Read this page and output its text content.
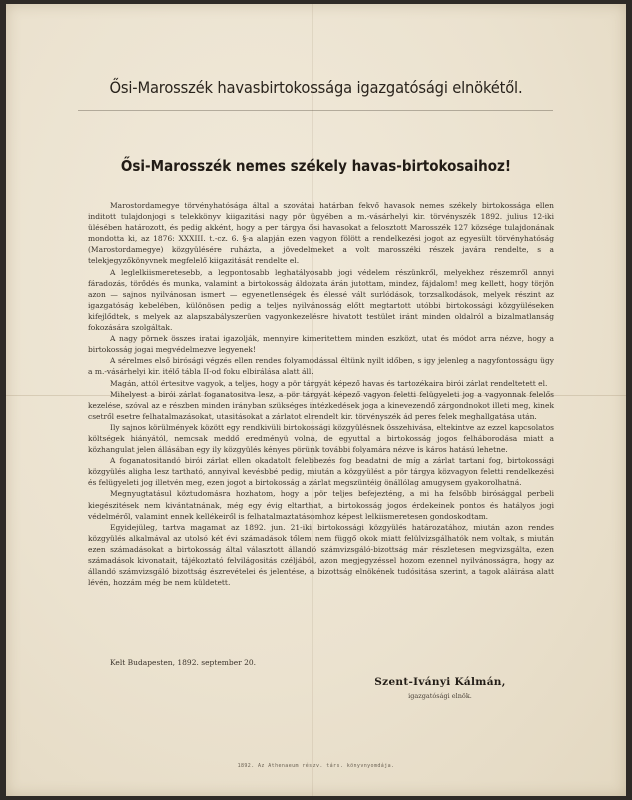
Ősi-Marosszék havasbirtokossága igazgatósági elnökétől.
Ősi-Marosszék nemes székely havas-birtokosaihoz!

Marostordamegye törvényhatósága által a szovátai határban fekvő havasok nemes székely birtokossága ellen inditott tulajdonjogi s telekkönyv kiigazitási nagy pör ügyében a m.-vásárhelyi kir. törvényszék 1892. julius 12-iki ülésében határozott, és pedig akként, hogy a per tárgya ősi havasokat a felosztott Marosszék 127 községe tulajdonának mondotta ki, az 1876: XXXIII. t.-cz. 6. §-a alapján ezen vagyon fölött a rendelkezési jogot az egyesült törvényhatóság (Marostordamegye) közgyülésére ruházta, a jövedelmeket a volt marosszéki részek javára rendelte, s a telekjegyzőkönyvnek megfelelő kiigazitását rendelte el.

A leglelkiismeretesebb, a legpontosabb leghatályosabb jogi védelem részünkről, melyekhez részemről annyi fáradozás, törődés és munka, valamint a birtokosság áldozata árán jutottam, mindez, fájdalom! meg kellett, hogy törjön azon — sajnos nyilvánosan ismert — egyenetlenségek és élessé vált surlódások, torzsalkodások, melyek részint az igazgatóság kebelében, különösen pedig a teljes nyilvánosság előtt megtartott utóbbi birtokossági közgyüléseken kifejlődtek, s melyek az alapszabályszerüen vagyonkezelésre hivatott testület iránt minden oldalról a bizalmatlanság fokozására szolgáltak.

A nagy pörnek összes iratai igazolják, mennyire kimeritettem minden eszközt, utat és módot arra nézve, hogy a birtokosság jogai megvédelmezve legyenek!

A sérelmes első birósági végzés ellen rendes folyamodással éltünk nyilt időben, s igy jelenleg a nagyfontosságu ügy a m.-vásárhelyi kir. itélő tábla II-od foku elbirálása alatt áll.

Magán, attól értesitve vagyok, a teljes, hogy a pör tárgyát képező havas és tartozékaira birói zárlat rendeltetett el.

Mihelyest a birói zárlat foganatositva lesz, a pör tárgyát képező vagyon feletti felügyeleti jog a vagyonnak felelős kezelése, szóval az e részben minden irányban szükséges intézkedések joga a kinevezendő zárgondnokot illeti meg, kinek csetről esetre felhatalmazásokat, utasitásokat a zárlatot elrendelt kir. törvényszék ád peres felek meghallgatása után.

Ily sajnos körülmények között egy rendkivüli birtokossági közgyülésnek összehivása, eltekintve az ezzel kapcsolatos költségek hiányától, nemcsak meddő eredményü volna, de egyuttal a birtokosság jogos felháborodása miatt a közhangulat jelen állásában egy ily közgyülés kényes pörünk további folyamára nézve is káros hatású lehetne.

A foganatositandó birói zárlat ellen okadatolt felebbezés fog beadatni de míg a zárlat tartani fog, birtokossági közgyülés aligha lesz tartható, annyival kevésbbé pedig, miután a közgyülést a pör tárgya közvagyon feletti rendelkezési és felügyeleti jog illetvén meg, ezen jogot a birtokosság a zárlat megszüntéig önállólag amugysem gyakorolhatná.

Megnyugtatásul köztudomásra hozhatom, hogy a pör teljes befejezténg, a mi ha felsőbb birósággal perbeli kiegészitések nem kivántatnának, még egy évig eltarthat, a birtokosság jogos érdekeinek pontos és hatályos jogi védelméről, valamint ennek kellékeiről is felhatalmaztatásomhoz képest lelkiismeretesen gondoskodtam.

Egyidejüleg, tartva magamat az 1892. jun. 21-iki birtokossági közgyülés határozatához, miután azon rendes közgyülés alkalmával az utolsó két évi számadások tőlem nem függő okok miatt felülvizsgálhatók nem voltak, s miután ezen számadásokat a birtokosság által választott állandó számvizsgáló-bizottság már részletesen megvizsgálta, ezen számadások kivonatait, tájékoztató felvilágositás czéljából, azon megjegyzéssel hozom ezennel nyilvánosságra, hogy az állandó számvizsgáló bizottság észrevételei és jelentése, a bizottság elnökének tudósitása szerint, a tagok aláirása alatt lévén, hozzám még be nem küldetett.

Kelt Budapesten, 1892. september 20.
Szent-Iványi Kálmán,
igazgatósági elnök.
1892. Az Athenaeum részv. társ. könyvnyomdája.
